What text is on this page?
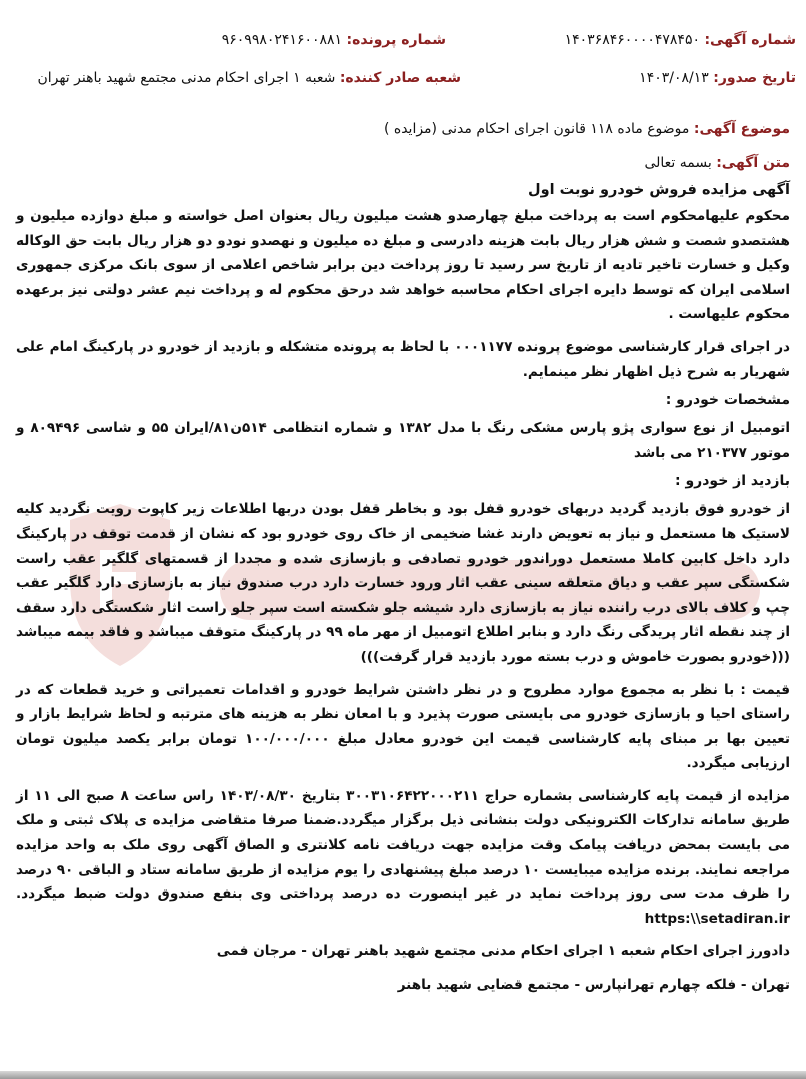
شماره آگهی: ۱۴۰۳۶۸۴۶۰۰۰۰۴۷۸۴۵۰
شماره پرونده: ۹۶۰۹۹۸۰۲۴۱۶۰۰۸۸۱
تاریخ صدور: ۱۴۰۳/۰۸/۱۳
شعبه صادر کننده: شعبه ۱ اجرای احکام مدنی مجتمع شهید باهنر تهران
موضوع آگهی: موضوع ماده ۱۱۸ قانون اجرای احکام مدنی (مزایده )
متن آگهی: بسمه تعالی
آگهی مزایده فروش خودرو نوبت اول

محکوم علیهامحکوم است به پرداخت مبلغ چهارصدو هشت میلیون ریال بعنوان اصل خواسته و مبلغ دوازده میلیون و هشتصدو شصت و شش هزار ریال بابت هزینه دادرسی و مبلغ ده میلیون و نهصدو نودو دو هزار ریال بابت حق الوکاله وکیل و خسارت تاخیر تادیه از تاریخ سر رسید تا روز پرداخت دین برابر شاخص اعلامی از سوی بانک مرکزی جمهوری اسلامی ایران که توسط دایره اجرای احکام محاسبه خواهد شد درحق محکوم له و پرداخت نیم عشر دولتی نیز برعهده محکوم علیهاست .

در اجرای قرار کارشناسی موضوع پرونده ۰۰۰۱۱۷۷ با لحاظ به پرونده متشکله و بازدید از خودرو در پارکینگ امام علی شهریار به شرح ذیل اظهار نظر مینمایم.

مشخصات خودرو :

اتومبیل از نوع سواری پژو پارس مشکی رنگ با مدل ۱۳۸۲ و شماره انتظامی ۵۱۴ن۸۱/ایران ۵۵ و شاسی ۸۰۹۴۹۶ و موتور ۲۱۰۳۷۷ می باشد

بازدید از خودرو :

از خودرو فوق بازدید گردید دربهای خودرو قفل بود و بخاطر قفل بودن دربها اطلاعات زیر کاپوت رویت نگردید کلیه لاستیک ها مستعمل و نیاز به تعویض دارند غشا ضخیمی از خاک روی خودرو بود که نشان از قدمت توقف در پارکینگ دارد داخل کابین کاملا مستعمل دوراندور خودرو تصادفی و بازسازی شده و مجددا از قسمتهای گلگیر عقب راست شکستگی سپر عقب و دیاق متعلقه سینی عقب اثار ورود خسارت دارد درب صندوق نیاز به بازسازی دارد گلگیر عقب چپ و کلاف بالای درب راننده نیاز به بازسازی دارد شیشه جلو شکسته است سپر جلو راست اثار شکستگی دارد سقف از چند نقطه اثار پریدگی رنگ دارد و بنابر اطلاع اتومبیل از مهر ماه ۹۹ در پارکینگ متوقف میباشد و فاقد بیمه میباشد (((خودرو بصورت خاموش و درب بسته مورد بازدید قرار گرفت)))

قیمت : با نظر به مجموع موارد مطروح و در نظر داشتن شرایط خودرو و اقدامات تعمیراتی و خرید قطعات که در راستای احیا و بازسازی خودرو می بایستی صورت پذیرد و با امعان نظر به هزینه های مترتبه و لحاظ شرایط بازار و تعیین بها بر مبنای پایه کارشناسی قیمت این خودرو معادل مبلغ ۱۰۰/۰۰۰/۰۰۰ تومان برابر یکصد میلیون تومان ارزیابی میگردد.

مزایده از قیمت پایه کارشناسی بشماره حراج ۳۰۰۳۱۰۶۴۲۲۰۰۰۲۱۱ بتاریخ ۱۴۰۳/۰۸/۳۰ راس ساعت ۸ صبح الی ۱۱ از طریق سامانه تدارکات الکترونیکی دولت بنشانی ذیل برگزار میگردد.ضمنا صرفا متقاضی مزایده ی پلاک ثبتی و ملک می بایست بمحض دریافت پیامک وقت مزایده جهت دریافت نامه کلانتری و الصاق آگهی روی ملک به واحد مزایده مراجعه نمایند. برنده مزایده میبایست ۱۰ درصد مبلغ پیشنهادی را یوم مزایده از طریق سامانه ستاد و الباقی ۹۰ درصد را ظرف مدت سی روز پرداخت نماید در غیر اینصورت ده درصد پرداختی وی بنفع صندوق دولت ضبط میگردد. https:\\setadiran.ir

دادورز اجرای احکام شعبه ۱ اجرای احکام مدنی مجتمع شهید باهنر تهران - مرجان فمی
تهران - فلکه چهارم تهرانپارس - مجتمع قضایی شهید باهنر
